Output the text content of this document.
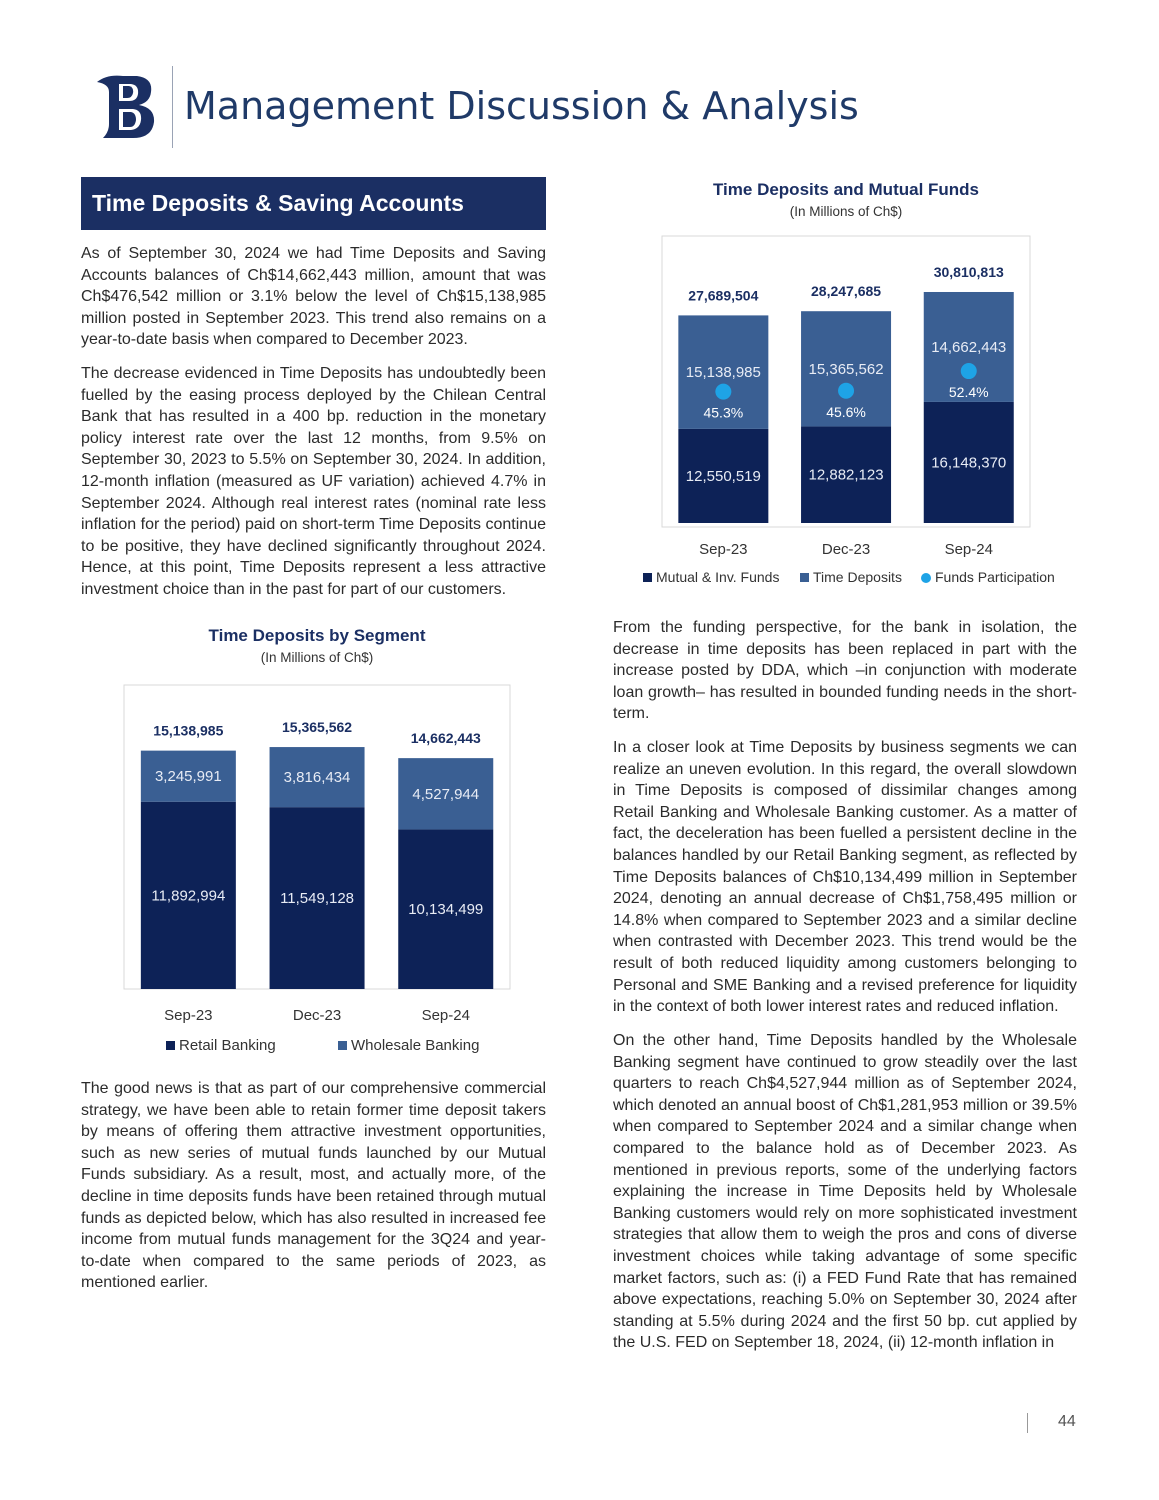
Management Discussion & Analysis
Time Deposits & Saving Accounts

As of September 30, 2024 we had Time Deposits and Saving Accounts balances of Ch$14,662,443 million, amount that was Ch$476,542 million or 3.1% below the level of Ch$15,138,985 million posted in September 2023. This trend also remains on a year-to-date basis when compared to December 2023.

The decrease evidenced in Time Deposits has undoubtedly been fuelled by the easing process deployed by the Chilean Central Bank that has resulted in a 400 bp. reduction in the monetary policy interest rate over the last 12 months, from 9.5% on September 30, 2023 to 5.5% on September 30, 2024. In addition, 12-month inflation (measured as UF variation) achieved 4.7% in September 2024. Although real interest rates (nominal rate less inflation for the period) paid on short-term Time Deposits continue to be positive, they have declined significantly throughout 2024. Hence, at this point, Time Deposits represent a less attractive investment choice than in the past for part of our customers.

Time Deposits by Segment
(In Millions of Ch$)
11,892,994
3,245,991
15,138,985
Sep-23
11,549,128
3,816,434
15,365,562
Dec-23
10,134,499
4,527,944
14,662,443
Sep-24
Retail Banking	Wholesale Banking

The good news is that as part of our comprehensive commercial strategy, we have been able to retain former time deposit takers by means of offering them attractive investment opportunities, such as new series of mutual funds launched by our Mutual Funds subsidiary. As a result, most, and actually more, of the decline in time deposits funds have been retained through mutual funds as depicted below, which has also resulted in increased fee income from mutual funds management for the 3Q24 and year-to-date when compared to the same periods of 2023, as mentioned earlier.

Time Deposits and Mutual Funds
(In Millions of Ch$)
12,550,519
15,138,985
27,689,504
Sep-23
45.3%
12,882,123
15,365,562
28,247,685
Dec-23
45.6%
16,148,370
14,662,443
30,810,813
Sep-24
52.4%
Mutual & Inv. Funds Time Deposits Funds Participation

From the funding perspective, for the bank in isolation, the decrease in time deposits has been replaced in part with the increase posted by DDA, which –in conjunction with moderate loan growth– has resulted in bounded funding needs in the short-term.

In a closer look at Time Deposits by business segments we can realize an uneven evolution. In this regard, the overall slowdown in Time Deposits is composed of dissimilar changes among Retail Banking and Wholesale Banking customer. As a matter of fact, the deceleration has been fuelled a persistent decline in the balances handled by our Retail Banking segment, as reflected by Time Deposits balances of Ch$10,134,499 million in September 2024, denoting an annual decrease of Ch$1,758,495 million or 14.8% when compared to September 2023 and a similar decline when contrasted with December 2023. This trend would be the result of both reduced liquidity among customers belonging to Personal and SME Banking and a revised preference for liquidity in the context of both lower interest rates and reduced inflation.

On the other hand, Time Deposits handled by the Wholesale Banking segment have continued to grow steadily over the last quarters to reach Ch$4,527,944 million as of September 2024, which denoted an annual boost of Ch$1,281,953 million or 39.5% when compared to September 2024 and a similar change when compared to the balance hold as of December 2023. As mentioned in previous reports, some of the underlying factors explaining the increase in Time Deposits held by Wholesale Banking customers would rely on more sophisticated investment strategies that allow them to weigh the pros and cons of diverse investment choices while taking advantage of some specific market factors, such as: (i) a FED Fund Rate that has remained above expectations, reaching 5.0% on September 30, 2024 after standing at 5.5% during 2024 and the first 50 bp. cut applied by the U.S. FED on September 18, 2024, (ii) 12-month inflation in

44
